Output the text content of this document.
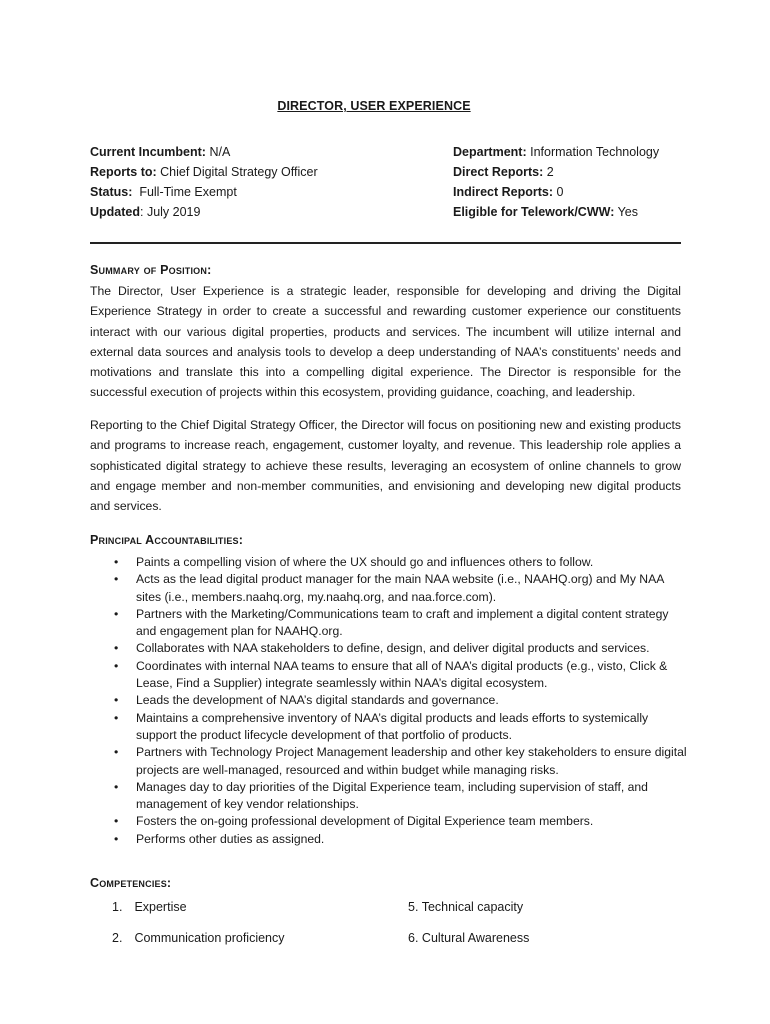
DIRECTOR, USER EXPERIENCE
Current Incumbent: N/A
Reports to: Chief Digital Strategy Officer
Status:  Full-Time Exempt
Updated: July 2019
Department: Information Technology
Direct Reports: 2
Indirect Reports: 0
Eligible for Telework/CWW: Yes
Summary of Position:
The Director, User Experience is a strategic leader, responsible for developing and driving the Digital Experience Strategy in order to create a successful and rewarding customer experience our constituents interact with our various digital properties, products and services. The incumbent will utilize internal and external data sources and analysis tools to develop a deep understanding of NAA’s constituents’ needs and motivations and translate this into a compelling digital experience. The Director is responsible for the successful execution of projects within this ecosystem, providing guidance, coaching, and leadership.
Reporting to the Chief Digital Strategy Officer, the Director will focus on positioning new and existing products and programs to increase reach, engagement, customer loyalty, and revenue. This leadership role applies a sophisticated digital strategy to achieve these results, leveraging an ecosystem of online channels to grow and engage member and non-member communities, and envisioning and developing new digital products and services.
Principal Accountabilities:
• Paints a compelling vision of where the UX should go and influences others to follow.
• Acts as the lead digital product manager for the main NAA website (i.e., NAAHQ.org) and My NAA sites (i.e., members.naahq.org, my.naahq.org, and naa.force.com).
• Partners with the Marketing/Communications team to craft and implement a digital content strategy and engagement plan for NAAHQ.org.
• Collaborates with NAA stakeholders to define, design, and deliver digital products and services.
• Coordinates with internal NAA teams to ensure that all of NAA’s digital products (e.g., visto, Click & Lease, Find a Supplier) integrate seamlessly within NAA’s digital ecosystem.
• Leads the development of NAA’s digital standards and governance.
• Maintains a comprehensive inventory of NAA’s digital products and leads efforts to systemically support the product lifecycle development of that portfolio of products.
• Partners with Technology Project Management leadership and other key stakeholders to ensure digital projects are well-managed, resourced and within budget while managing risks.
• Manages day to day priorities of the Digital Experience team, including supervision of staff, and management of key vendor relationships.
• Fosters the on-going professional development of Digital Experience team members.
• Performs other duties as assigned.
Competencies:
1. Expertise	5. Technical capacity
2. Communication proficiency	6. Cultural Awareness
